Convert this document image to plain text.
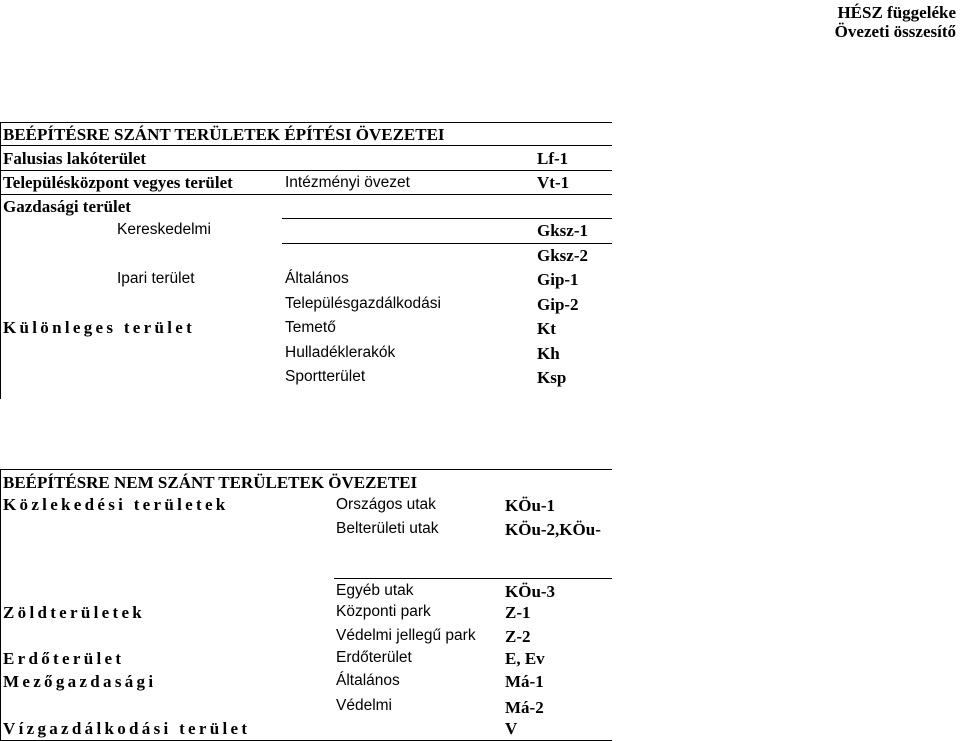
HÉSZ függeléke
Övezeti összesítő
BEÉPÍTÉSRE SZÁNT TERÜLETEK ÉPÍTÉSI ÖVEZETEI
Falusias lakóterület	Lf-1
Településközpont vegyes terület	Intézményi övezet	Vt-1
Gazdasági terület
Kereskedelmi	Gksz-1
Gksz-2
Ipari terület	Általános	Gip-1
Településgazdálkodási	Gip-2
Különleges terület	Temető	Kt
Hulladéklerakók	Kh
Sportterület	Ksp
BEÉPÍTÉSRE NEM SZÁNT TERÜLETEK ÖVEZETEI
Közlekedési területek	Országos utak	KÖu-1
Belterületi utak	KÖu-2,KÖu-
Egyéb utak	KÖu-3
Zöldterületek	Központi park	Z-1
Védelmi jellegű park Z-2
Erdőterület	Erdőterület	E, Ev
Mezőgazdasági	Általános	Má-1
Védelmi	Má-2
Vízgazdálkodási terület	V
